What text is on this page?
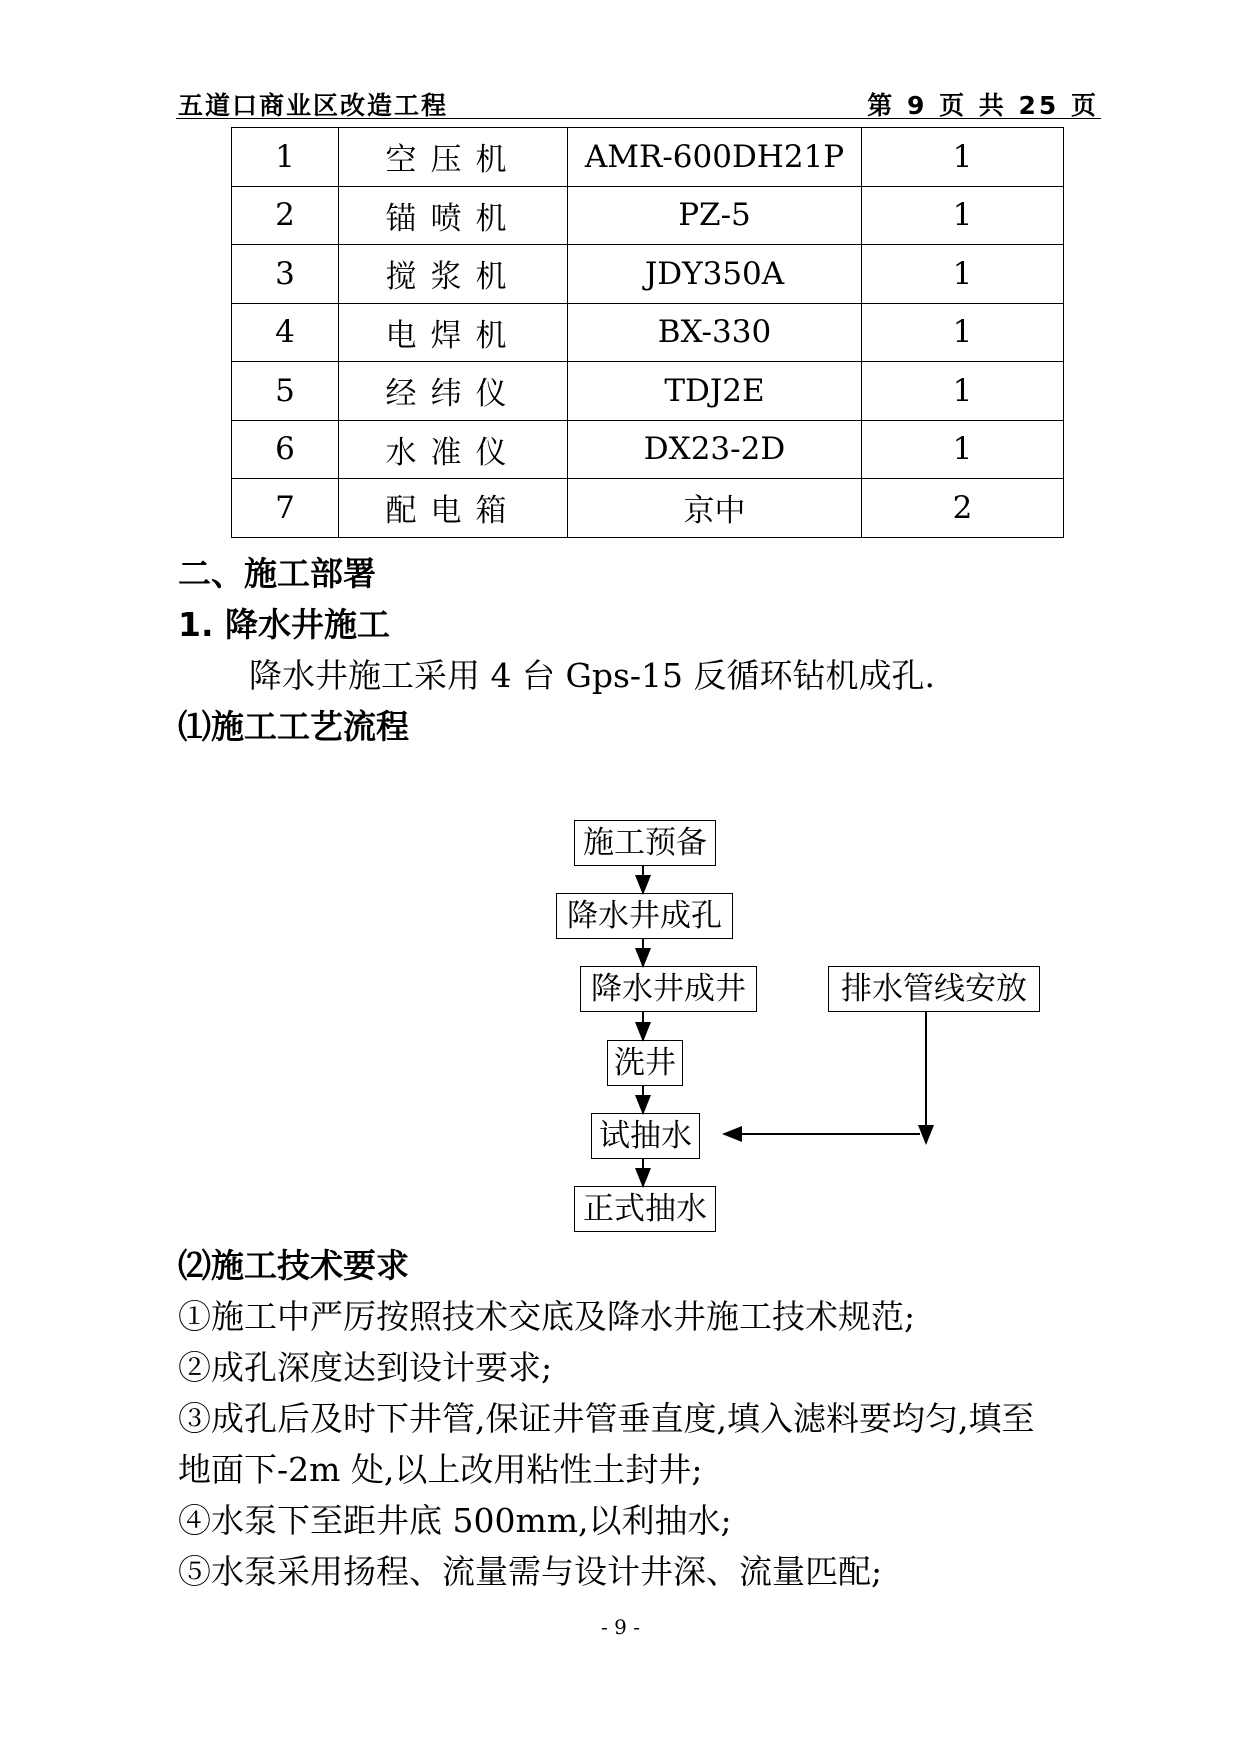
五道口商业区改造工程	第 9 页 共 25 页
1	空压机	AMR-600DH21P	1
2	锚喷机	PZ-5	1
3	搅浆机	JDY350A	1
4	电焊机	BX-330	1
5	经纬仪	TDJ2E	1
6	水准仪	DX23-2D	1
7	配电箱	京中	2
二、施工部署
1. 降水井施工
降水井施工采用 4 台 Gps-15 反循环钻机成孔.
⑴施工工艺流程
施工预备
降水井成孔
降水井成井
洗井
试抽水
正式抽水
排水管线安放
⑵施工技术要求
①施工中严厉按照技术交底及降水井施工技术规范;
②成孔深度达到设计要求;
③成孔后及时下井管,保证井管垂直度,填入滤料要均匀,填至
地面下-2m 处,以上改用粘性土封井;
④水泵下至距井底 500mm,以利抽水;
⑤水泵采用扬程、流量需与设计井深、流量匹配;
- 9 -
